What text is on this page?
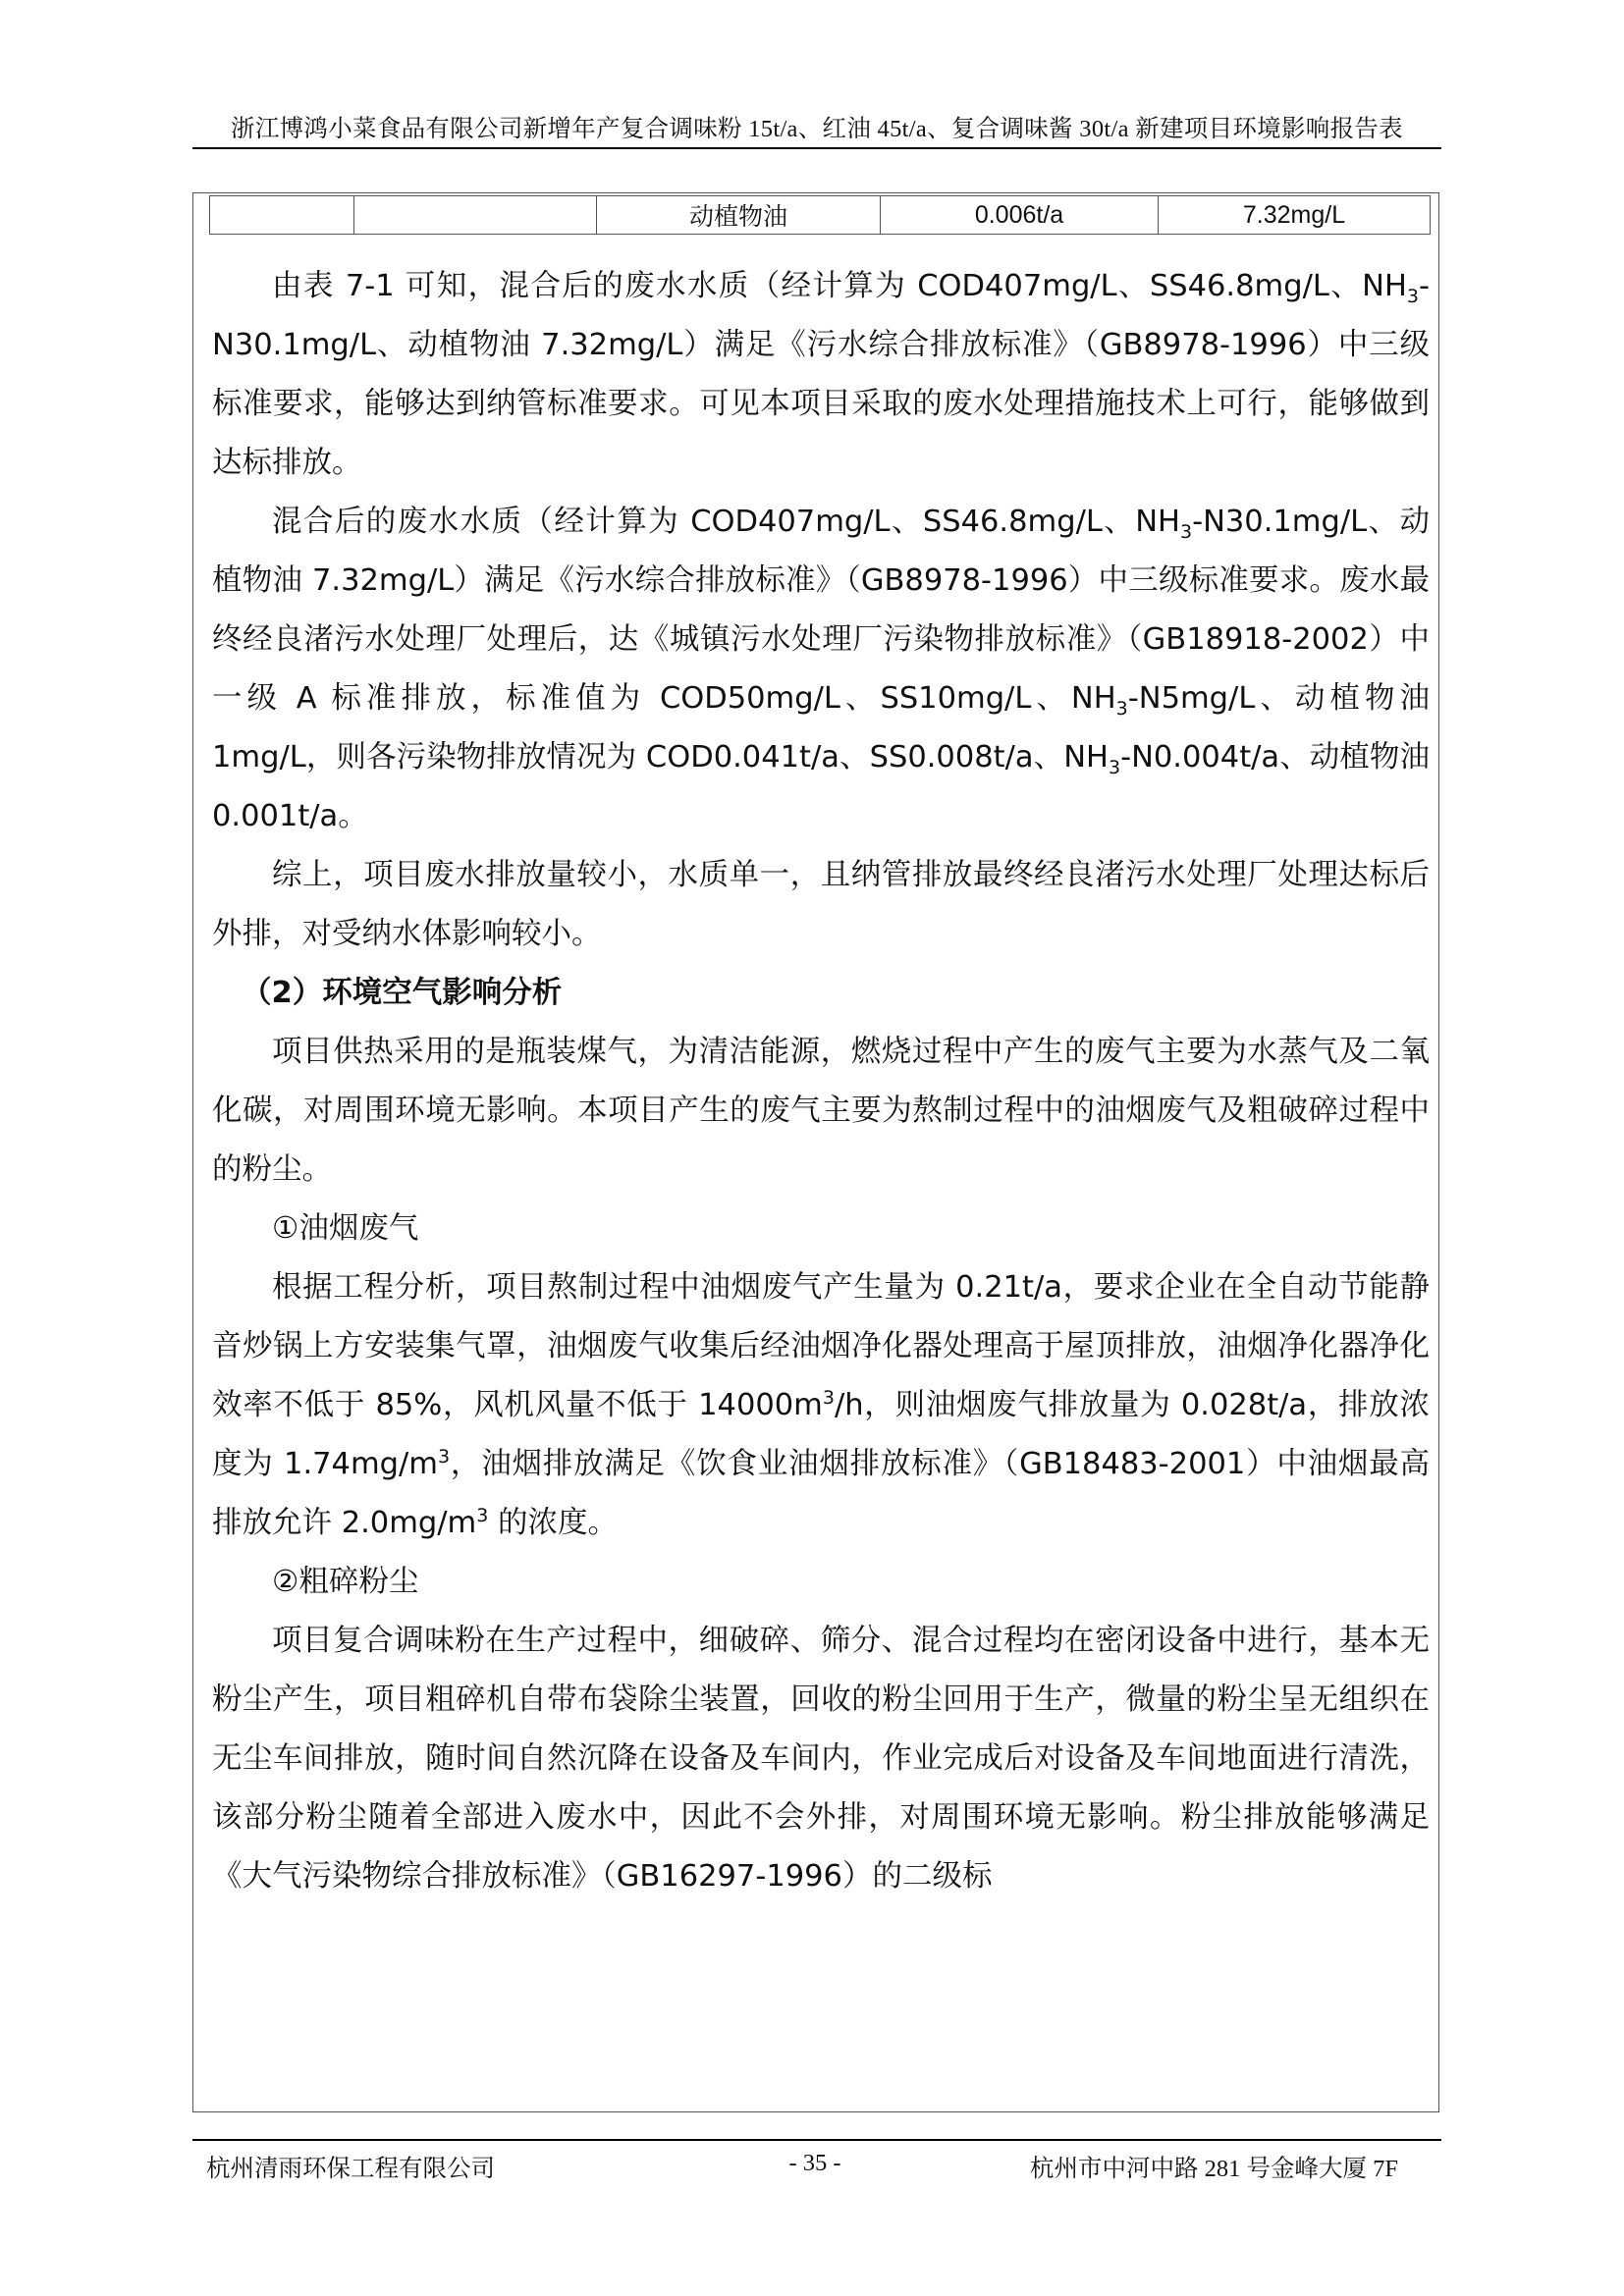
浙江博鸿小菜食品有限公司新增年产复合调味粉 15t/a、红油 45t/a、复合调味酱 30t/a 新建项目环境影响报告表
		动植物油	0.006t/a	7.32mg/L

由表 7-1 可知，混合后的废水水质（经计算为 COD407mg/L、SS46.8mg/L、$NH_3-N30.1mg/L$、动植物油 7.32mg/L）满足《污水综合排放标准》（GB8978-1996）中三级标准要求，能够达到纳管标准要求。可见本项目采取的废水处理措施技术上可行，能够做到达标排放。

混合后的废水水质（经计算为 COD407mg/L、SS46.8mg/L、$NH_3-N30.1mg/L$、动植物油 7.32mg/L）满足《污水综合排放标准》（GB8978-1996）中三级标准要求。废水最终经良渚污水处理厂处理后，达《城镇污水处理厂污染物排放标准》（GB18918-2002）中一级 A 标准排放，标准值为 COD50mg/L、SS10mg/L、$NH_3-N5mg/L$、动植物油 1mg/L，则各污染物排放情况为 COD0.041t/a、SS0.008t/a、$NH_3-N0.004t/a$、动植物油 0.001t/a。

综上，项目废水排放量较小，水质单一，且纳管排放最终经良渚污水处理厂处理达标后外排，对受纳水体影响较小。

（2）环境空气影响分析

项目供热采用的是瓶装煤气，为清洁能源，燃烧过程中产生的废气主要为水蒸气及二氧化碳，对周围环境无影响。本项目产生的废气主要为熬制过程中的油烟废气及粗破碎过程中的粉尘。

①油烟废气

根据工程分析，项目熬制过程中油烟废气产生量为 0.21t/a，要求企业在全自动节能静音炒锅上方安装集气罩，油烟废气收集后经油烟净化器处理高于屋顶排放，油烟净化器净化效率不低于 85%，风机风量不低于 $14000m^3/h$，则油烟废气排放量为 0.028t/a，排放浓度为 $1.74mg/m^3$，油烟排放满足《饮食业油烟排放标准》（GB18483-2001）中油烟最高排放允许 $2.0mg/m^3$ 的浓度。

②粗碎粉尘

项目复合调味粉在生产过程中，细破碎、筛分、混合过程均在密闭设备中进行，基本无粉尘产生，项目粗碎机自带布袋除尘装置，回收的粉尘回用于生产，微量的粉尘呈无组织在无尘车间排放，随时间自然沉降在设备及车间内，作业完成后对设备及车间地面进行清洗，该部分粉尘随着全部进入废水中，因此不会外排，对周围环境无影响。粉尘排放能够满足《大气污染物综合排放标准》（GB16297-1996）的二级标

杭州清雨环保工程有限公司	- 35 -	杭州市中河中路 281 号金峰大厦 7F
